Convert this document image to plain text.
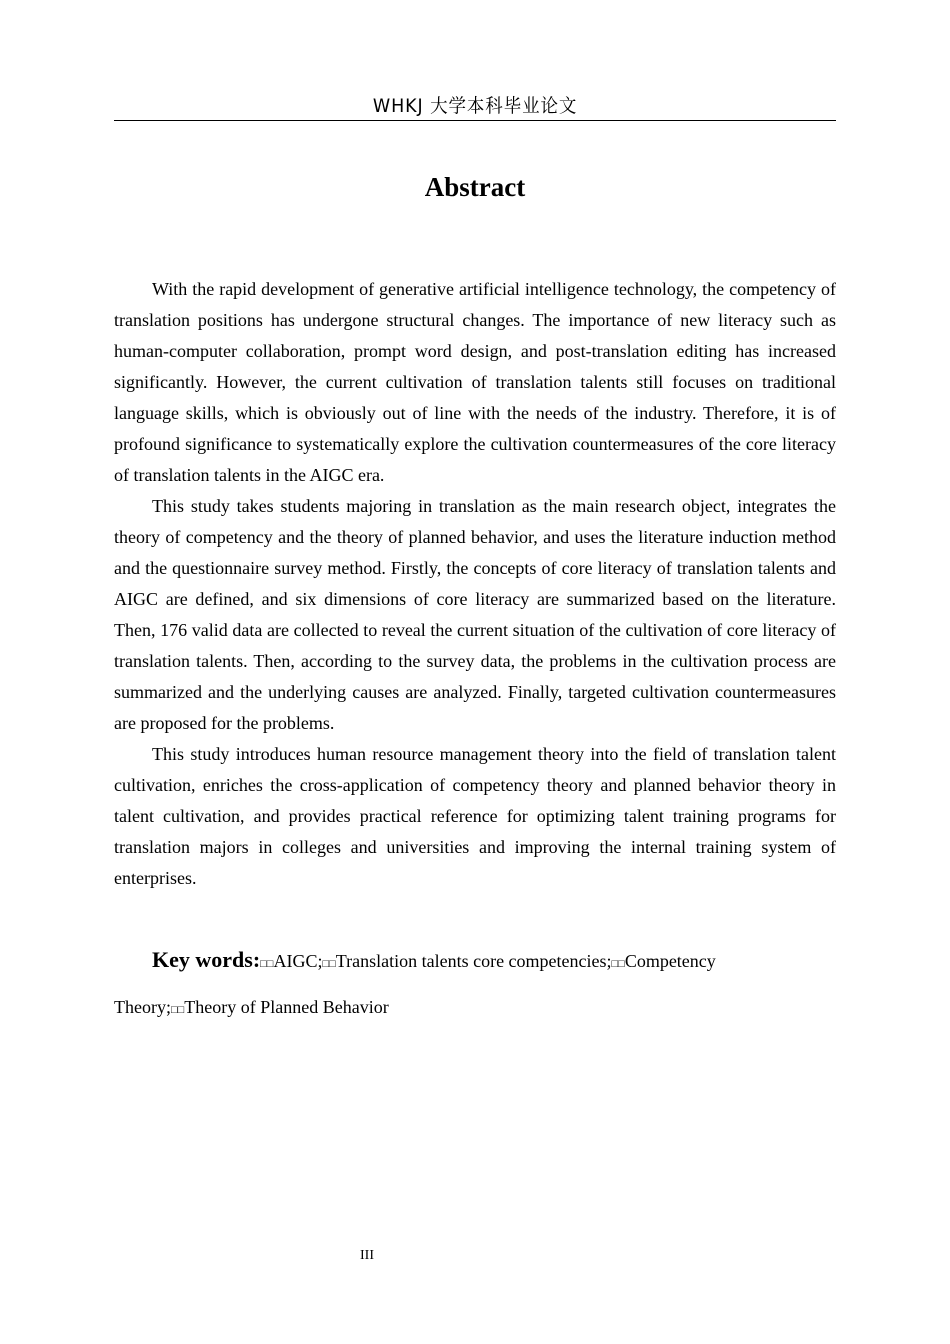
WHKJ 大学本科毕业论文
Abstract

With the rapid development of generative artificial intelligence technology, the competency of translation positions has undergone structural changes. The importance of new literacy such as human-computer collaboration, prompt word design, and post-translation editing has increased significantly. However, the current cultivation of translation talents still focuses on traditional language skills, which is obviously out of line with the needs of the industry. Therefore, it is of profound significance to systematically explore the cultivation countermeasures of the core literacy of translation talents in the AIGC era.

This study takes students majoring in translation as the main research object, integrates the theory of competency and the theory of planned behavior, and uses the literature induction method and the questionnaire survey method. Firstly, the concepts of core literacy of translation talents and AIGC are defined, and six dimensions of core literacy are summarized based on the literature. Then, 176 valid data are collected to reveal the current situation of the cultivation of core literacy of translation talents. Then, according to the survey data, the problems in the cultivation process are summarized and the underlying causes are analyzed. Finally, targeted cultivation countermeasures are proposed for the problems.

This study introduces human resource management theory into the field of translation talent cultivation, enriches the cross-application of competency theory and planned behavior theory in talent cultivation, and provides practical reference for optimizing talent training programs for translation majors in colleges and universities and improving the internal training system of enterprises.

Key words:□□AIGC;□□Translation talents core competencies;□□Competency
Theory;□□Theory of Planned Behavior
III
